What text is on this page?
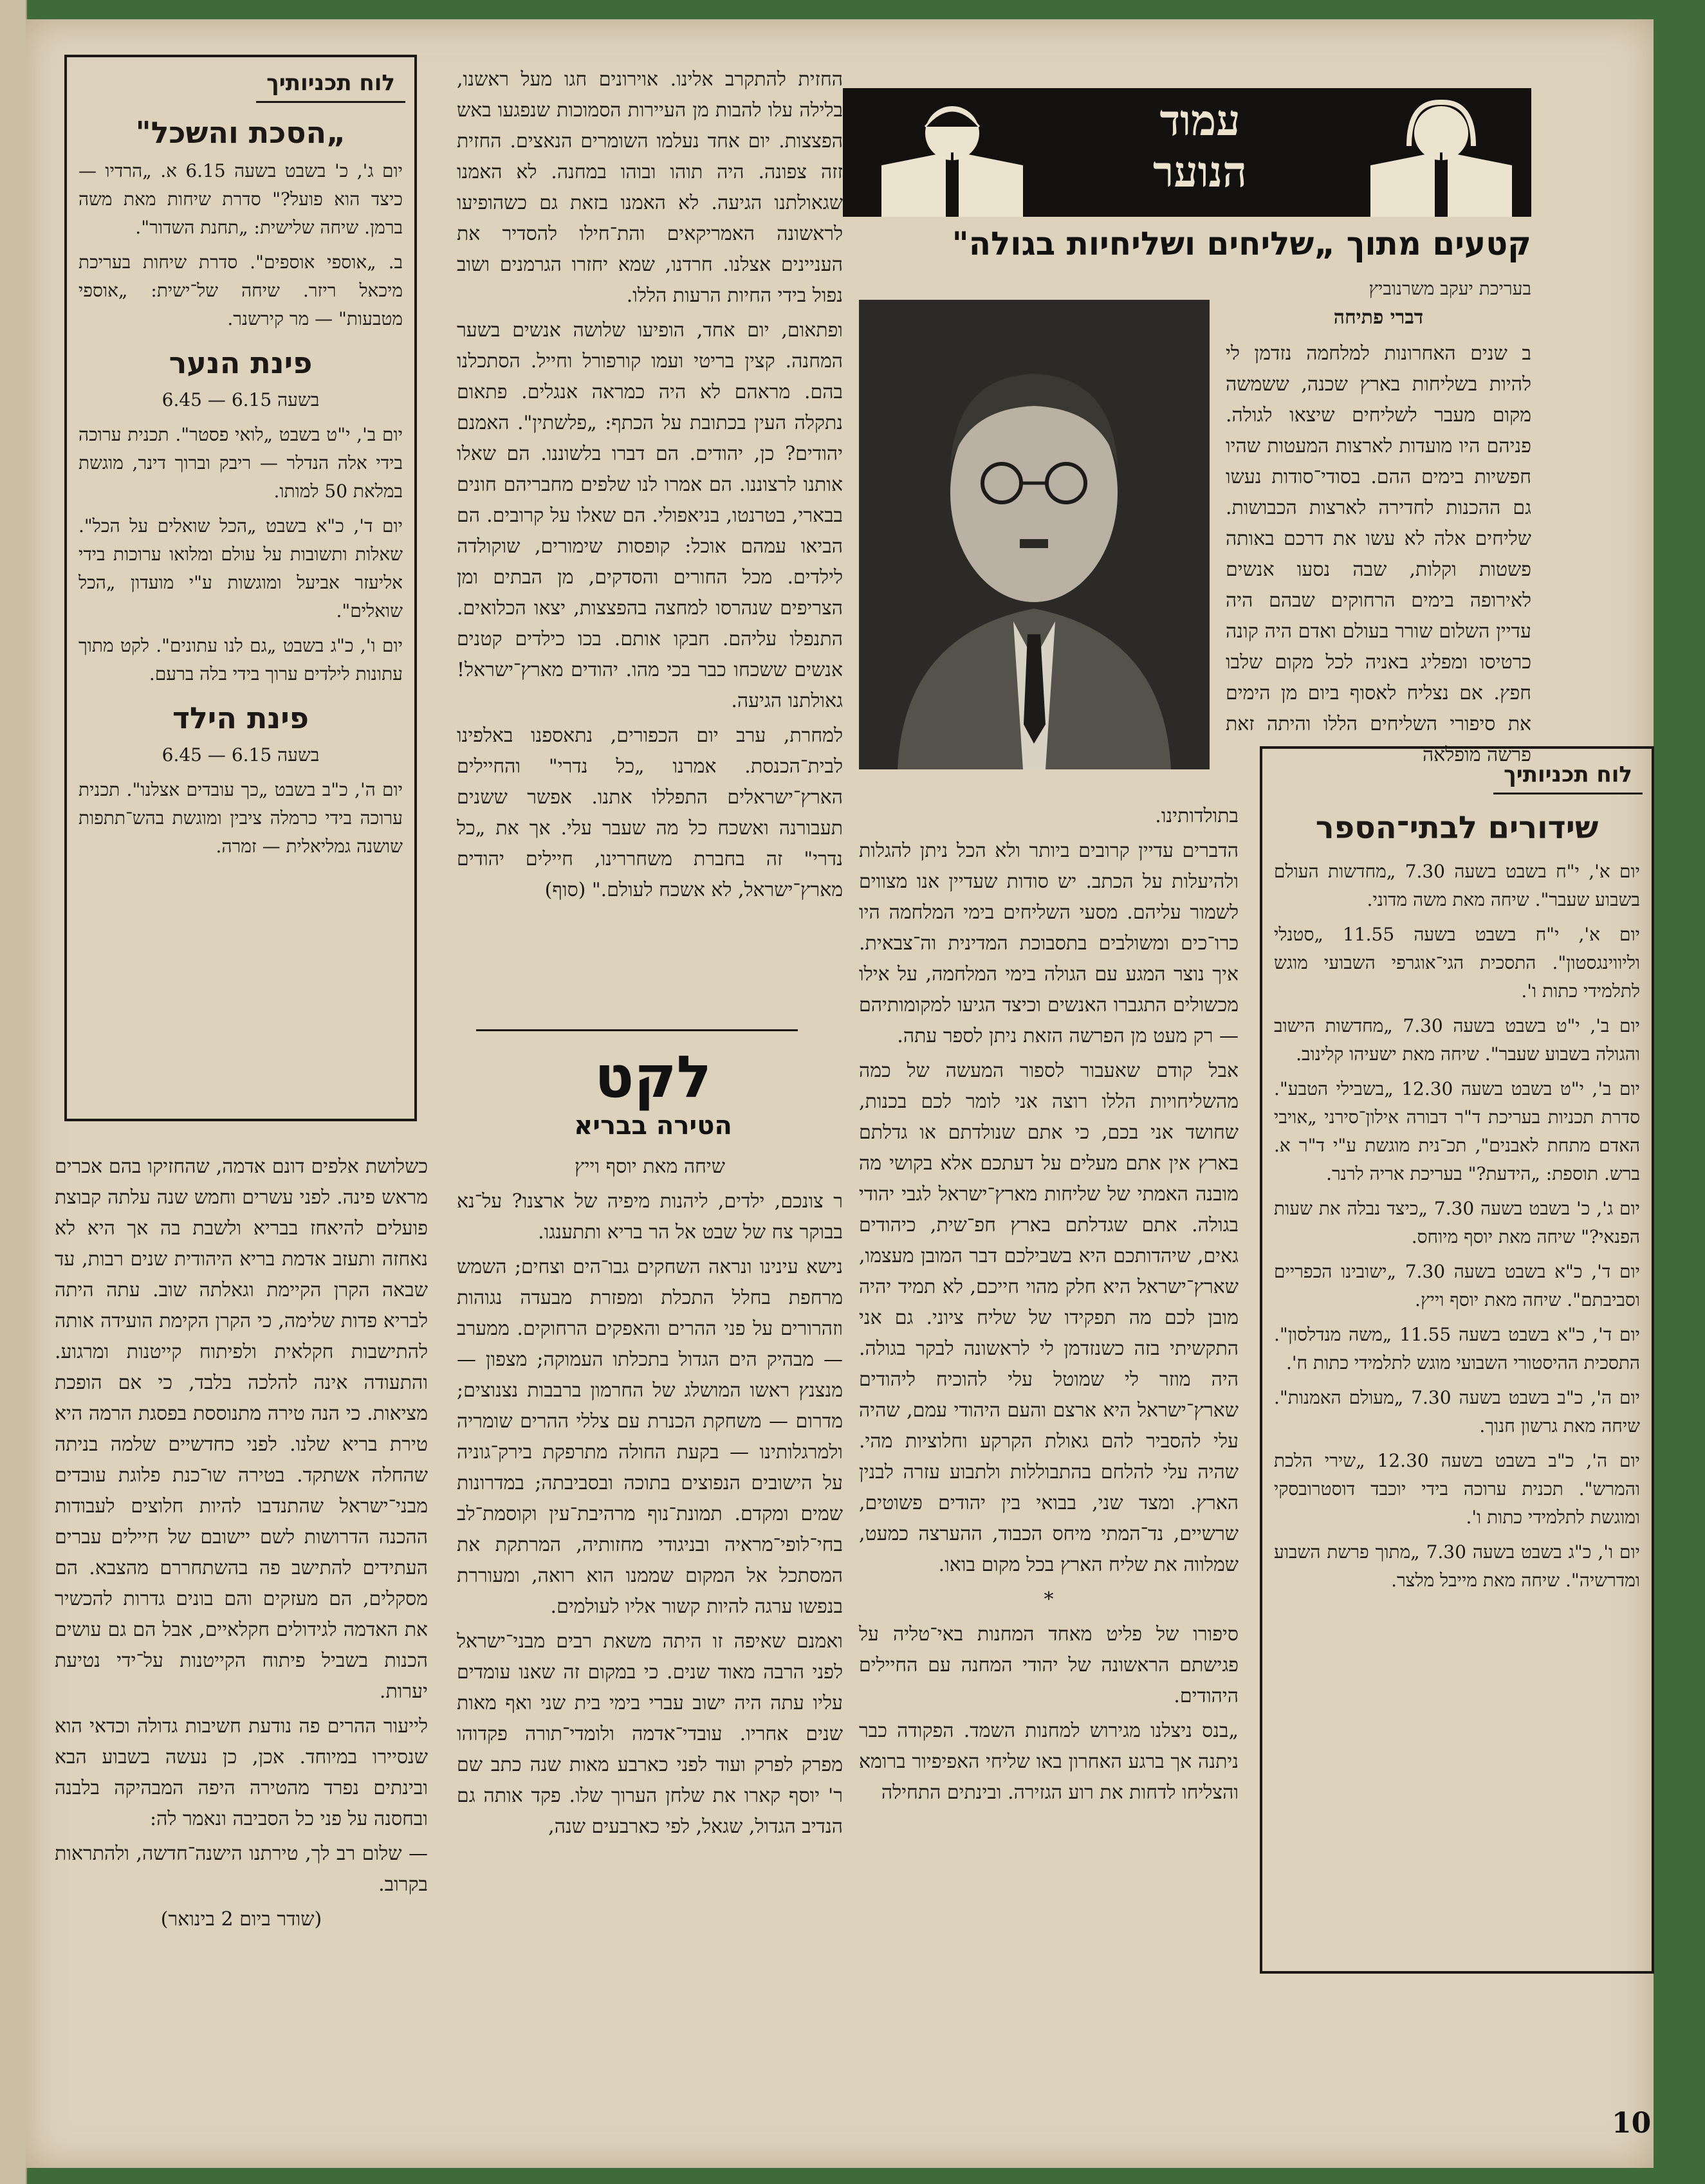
עמוד
הנוער
קטעים מתוך „שליחים ושליחיות בגולה"
בעריכת יעקב משרנוביץ
דברי פתיחה

ב שנים האחרונות למלחמה נזדמן לי להיות בשליחות בארץ שכנה, ששמשה מקום מעבר לשליחים שיצאו לגולה. פניהם היו מועדות לארצות המעטות שהיו חפשיות בימים ההם. בסודי־סודות נעשו גם ההכנות לחדירה לארצות הכבושות. שליחים אלה לא עשו את דרכם באותה פשטות וקלות, שבה נסעו אנשים לאירופה בימים הרחוקים שבהם היה עדיין השלום שורר בעולם ואדם היה קונה כרטיסו ומפליג באניה לכל מקום שלבו חפץ. אם נצליח לאסוף ביום מן הימים את סיפורי השליחים הללו והיתה זאת פרשה מופלאה

לוח תכניותיך
שידורים לבתי־הספר

יום א', י"ח בשבט בשעה 7.30 „מחדשות העולם בשבוע שעבר". שיחה מאת משה מדוני.

יום א', י"ח בשבט בשעה 11.55 „סטנלי וליווינגסטון". התסכית הגי־אוגרפי השבועי מוגש לתלמידי כתות ו'.

יום ב', י"ט בשבט בשעה 7.30 „מחדשות הישוב והגולה בשבוע שעבר". שיחה מאת ישעיהו קלינוב.

יום ב', י"ט בשבט בשעה 12.30 „בשבילי הטבע". סדרת תכניות בעריכת ד"ר דבורה אילון־סירני „אויבי האדם מתחת לאבנים", תכ־נית מוגשת ע"י ד"ר א. ברש. תוספת: „הידעת?" בעריכת אריה לרנר.

יום ג', כ' בשבט בשעה 7.30 „כיצד נבלה את שעות הפנאי?" שיחה מאת יוסף מיוחס.

יום ד', כ"א בשבט בשעה 7.30 „ישובינו הכפריים וסביבתם". שיחה מאת יוסף וייץ.

יום ד', כ"א בשבט בשעה 11.55 „משה מנדלסון". התסכית ההיסטורי השבועי מוגש לתלמידי כתות ח'.

יום ה', כ"ב בשבט בשעה 7.30 „מעולם האמנות". שיחה מאת גרשון חנוך.

יום ה', כ"ב בשבט בשעה 12.30 „שירי הלכת והמרש". תכנית ערוכה בידי יוכבד דוסטרובסקי ומוגשת לתלמידי כתות ו'.

יום ו', כ"ג בשבט בשעה 7.30 „מתוך פרשת השבוע ומדרשיה". שיחה מאת מייבל מלצר.

בתולדותינו.

הדברים עדיין קרובים ביותר ולא הכל ניתן להגלות ולהיעלות על הכתב. יש סודות שעדיין אנו מצווים לשמור עליהם. מסעי השליחים בימי המלחמה היו כרו־כים ומשולבים בתסבוכת המדינית וה־צבאית. איך נוצר המגע עם הגולה בימי המלחמה, על אילו מכשולים התגברו האנשים וכיצד הגיעו למקומותיהם — רק מעט מן הפרשה הזאת ניתן לספר עתה.

אבל קודם שאעבור לספור המעשה של כמה מהשליחויות הללו רוצה אני לומר לכם בכנות, שחושד אני בכם, כי אתם שנולדתם או גדלתם בארץ אין אתם מעלים על דעתכם אלא בקושי מה מובנה האמתי של שליחות מארץ־ישראל לגבי יהודי בגולה. אתם שגדלתם בארץ חפ־שית, כיהודים גאים, שיהדותכם היא בשבילכם דבר המובן מעצמו, שארץ־ישראל היא חלק מהוי חייכם, לא תמיד יהיה מובן לכם מה תפקידו של שליח ציוני. גם אני התקשיתי בזה כשנזדמן לי לראשונה לבקר בגולה. היה מוזר לי שמוטל עלי להוכיח ליהודים שארץ־ישראל היא ארצם והעם היהודי עמם, שהיה עלי להסביר להם גאולת הקרקע וחלוציות מהי. שהיה עלי להלחם בהתבוללות ולתבוע עזרה לבנין הארץ. ומצד שני, בבואי בין יהודים פשוטים, שרשיים, נד־המתי מיחס הכבוד, ההערצה כמעט, שמלווה את שליח הארץ בכל מקום בואו.

*

סיפורו של פליט מאחד המחנות באי־טליה על פגישתם הראשונה של יהודי המחנה עם החיילים היהודים.

„בנס ניצלנו מגירוש למחנות השמד. הפקודה כבר ניתנה אך ברגע האחרון באו שליחי האפיפיור ברומא והצליחו לדחות את רוע הגזירה. ובינתים התחילה

החזית להתקרב אלינו. אוירונים חגו מעל ראשנו, בלילה עלו להבות מן העיירות הסמוכות שנפגעו באש הפצצות. יום אחד נעלמו השומרים הנאצים. החזית זזה צפונה. היה תוהו ובוהו במחנה. לא האמנו שגאולתנו הגיעה. לא האמנו בזאת גם כשהופיעו לראשונה האמריקאים והת־חילו להסדיר את העניינים אצלנו. חרדנו, שמא יחזרו הגרמנים ושוב נפול בידי החיות הרעות הללו.

ופתאום, יום אחד, הופיעו שלושה אנשים בשער המחנה. קצין בריטי ועמו קורפורל וחייל. הסתכלנו בהם. מראהם לא היה כמראה אנגלים. פתאום נתקלה העין בכתובת על הכתף: „פלשתין". האמנם יהודים? כן, יהודים. הם דברו בלשוננו. הם שאלו אותנו לרצוננו. הם אמרו לנו שלפים מחבריהם חונים בבארי, בטרנטו, בניאפולי. הם שאלו על קרובים. הם הביאו עמהם אוכל: קופסות שימורים, שוקולדה לילדים. מכל החורים והסדקים, מן הבתים ומן הצריפים שנהרסו למחצה בהפצצות, יצאו הכלואים. התנפלו עליהם. חבקו אותם. בכו כילדים קטנים אנשים ששכחו כבר בכי מהו. יהודים מארץ־ישראל! גאולתנו הגיעה.

למחרת, ערב יום הכפורים, נתאספנו באלפינו לבית־הכנסת. אמרנו „כל נדרי" והחיילים הארץ־ישראלים התפללו אתנו. אפשר ששנים תעבורנה ואשכח כל מה שעבר עלי. אך את „כל נדרי" זה בחברת משחררינו, חיילים יהודים מארץ־ישראל, לא אשכח לעולם." (סוף)

לקט
הטירה בבריא

שיחה מאת יוסף וייץ

ר צונכם, ילדים, ליהנות מיפיה של ארצנו? על־נא בבוקר צח של שבט אל הר בריא ותתענגו.

נישא עינינו ונראה השחקים גבו־הים וצחים; השמש מרחפת בחלל התכלת ומפזרת מבעדה נגוהות וזהרורים על פני ההרים והאפקים הרחוקים. ממערב — מבהיק הים הגדול בתכלתו העמוקה; מצפון — מנצנץ ראשו המושלג של החרמון ברבבות נצנוצים; מדרום — משחקת הכנרת עם צללי ההרים שומריה ולמרגלותינו — בקעת החולה מתרפקת בירק־גוניה על הישובים הנפוצים בתוכה ובסביבתה; במדרונות שמים ומקדם. תמונת־נוף מרהיבת־עין וקוסמת־לב בחי־לופי־מראיה ובניגודי מחזותיה, המרתקת את המסתכל אל המקום שממנו הוא רואה, ומעוררת בנפשו ערגה להיות קשור אליו לעולמים.

ואמנם שאיפה זו היתה משאת רבים מבני־ישראל לפני הרבה מאוד שנים. כי במקום זה שאנו עומדים עליו עתה היה ישוב עברי בימי בית שני ואף מאות שנים אחריו. עובדי־אדמה ולומדי־תורה פקדוהו מפרק לפרק ועוד לפני כארבע מאות שנה כתב שם ר' יוסף קארו את שלחן הערוך שלו. פקד אותה גם הנדיב הגדול, שגאל, לפי כארבעים שנה,

לוח תכניותיך
„הסכת והשכל"

יום ג', כ' בשבט בשעה 6.15 א. „הרדיו — כיצד הוא פועל?" סדרת שיחות מאת משה ברמן. שיחה שלישית: „תחנת השדור".

ב. „אוספי אוספים". סדרת שיחות בעריכת מיכאל ריזר. שיחה של־ישית: „אוספי מטבעות" — מר קירשנר.

פינת הנער

בשעה 6.15 — 6.45

יום ב', י"ט בשבט „לואי פסטר". תכנית ערוכה בידי אלה הנדלר — ריבק וברוך דינר, מוגשת במלאת 50 למותו.

יום ד', כ"א בשבט „הכל שואלים על הכל". שאלות ותשובות על עולם ומלואו ערוכות בידי אליעזר אביעל ומוגשות ע"י מועדון „הכל שואלים".

יום ו', כ"ג בשבט „גם לנו עתונים". לקט מתוך עתונות לילדים ערוך בידי בלה ברעם.

פינת הילד

בשעה 6.15 — 6.45

יום ה', כ"ב בשבט „כך עובדים אצלנו". תכנית ערוכה בידי כרמלה ציבין ומוגשת בהש־תתפות שושנה גמליאלית — זמרה.

כשלושת אלפים דונם אדמה, שהחזיקו בהם אכרים מראש פינה. לפני עשרים וחמש שנה עלתה קבוצת פועלים להיאחז בבריא ולשבת בה אך היא לא נאחזה ותעזב אדמת בריא היהודית שנים רבות, עד שבאה הקרן הקיימת וגאלתה שוב. עתה היתה לבריא פדות שלימה, כי הקרן הקימת הועידה אותה להתישבות חקלאית ולפיתוח קייטנות ומרגוע. והתעודה אינה להלכה בלבד, כי אם הופכת מציאות. כי הנה טירה מתנוססת בפסגת הרמה היא טירת בריא שלנו. לפני כחדשיים שלמה בניתה שהחלה אשתקד. בטירה שו־כנת פלוגת עובדים מבני־ישראל שהתנדבו להיות חלוצים לעבודות ההכנה הדרושות לשם יישובם של חיילים עברים העתידים להתישב פה בהשתחררם מהצבא. הם מסקלים, הם מעזקים והם בונים גדרות להכשיר את האדמה לגידולים חקלאיים, אבל הם גם עושים הכנות בשביל פיתוח הקייטנות על־ידי נטיעת יערות.

לייעור ההרים פה נודעת חשיבות גדולה וכדאי הוא שנסיירו במיוחד. אכן, כן נעשה בשבוע הבא ובינתים נפרד מהטירה היפה המבהיקה בלבנה ובחסנה על פני כל הסביבה ונאמר לה:

— שלום רב לך, טירתנו הישנה־חדשה, ולהתראות בקרוב.

(שודר ביום 2 בינואר)

10
